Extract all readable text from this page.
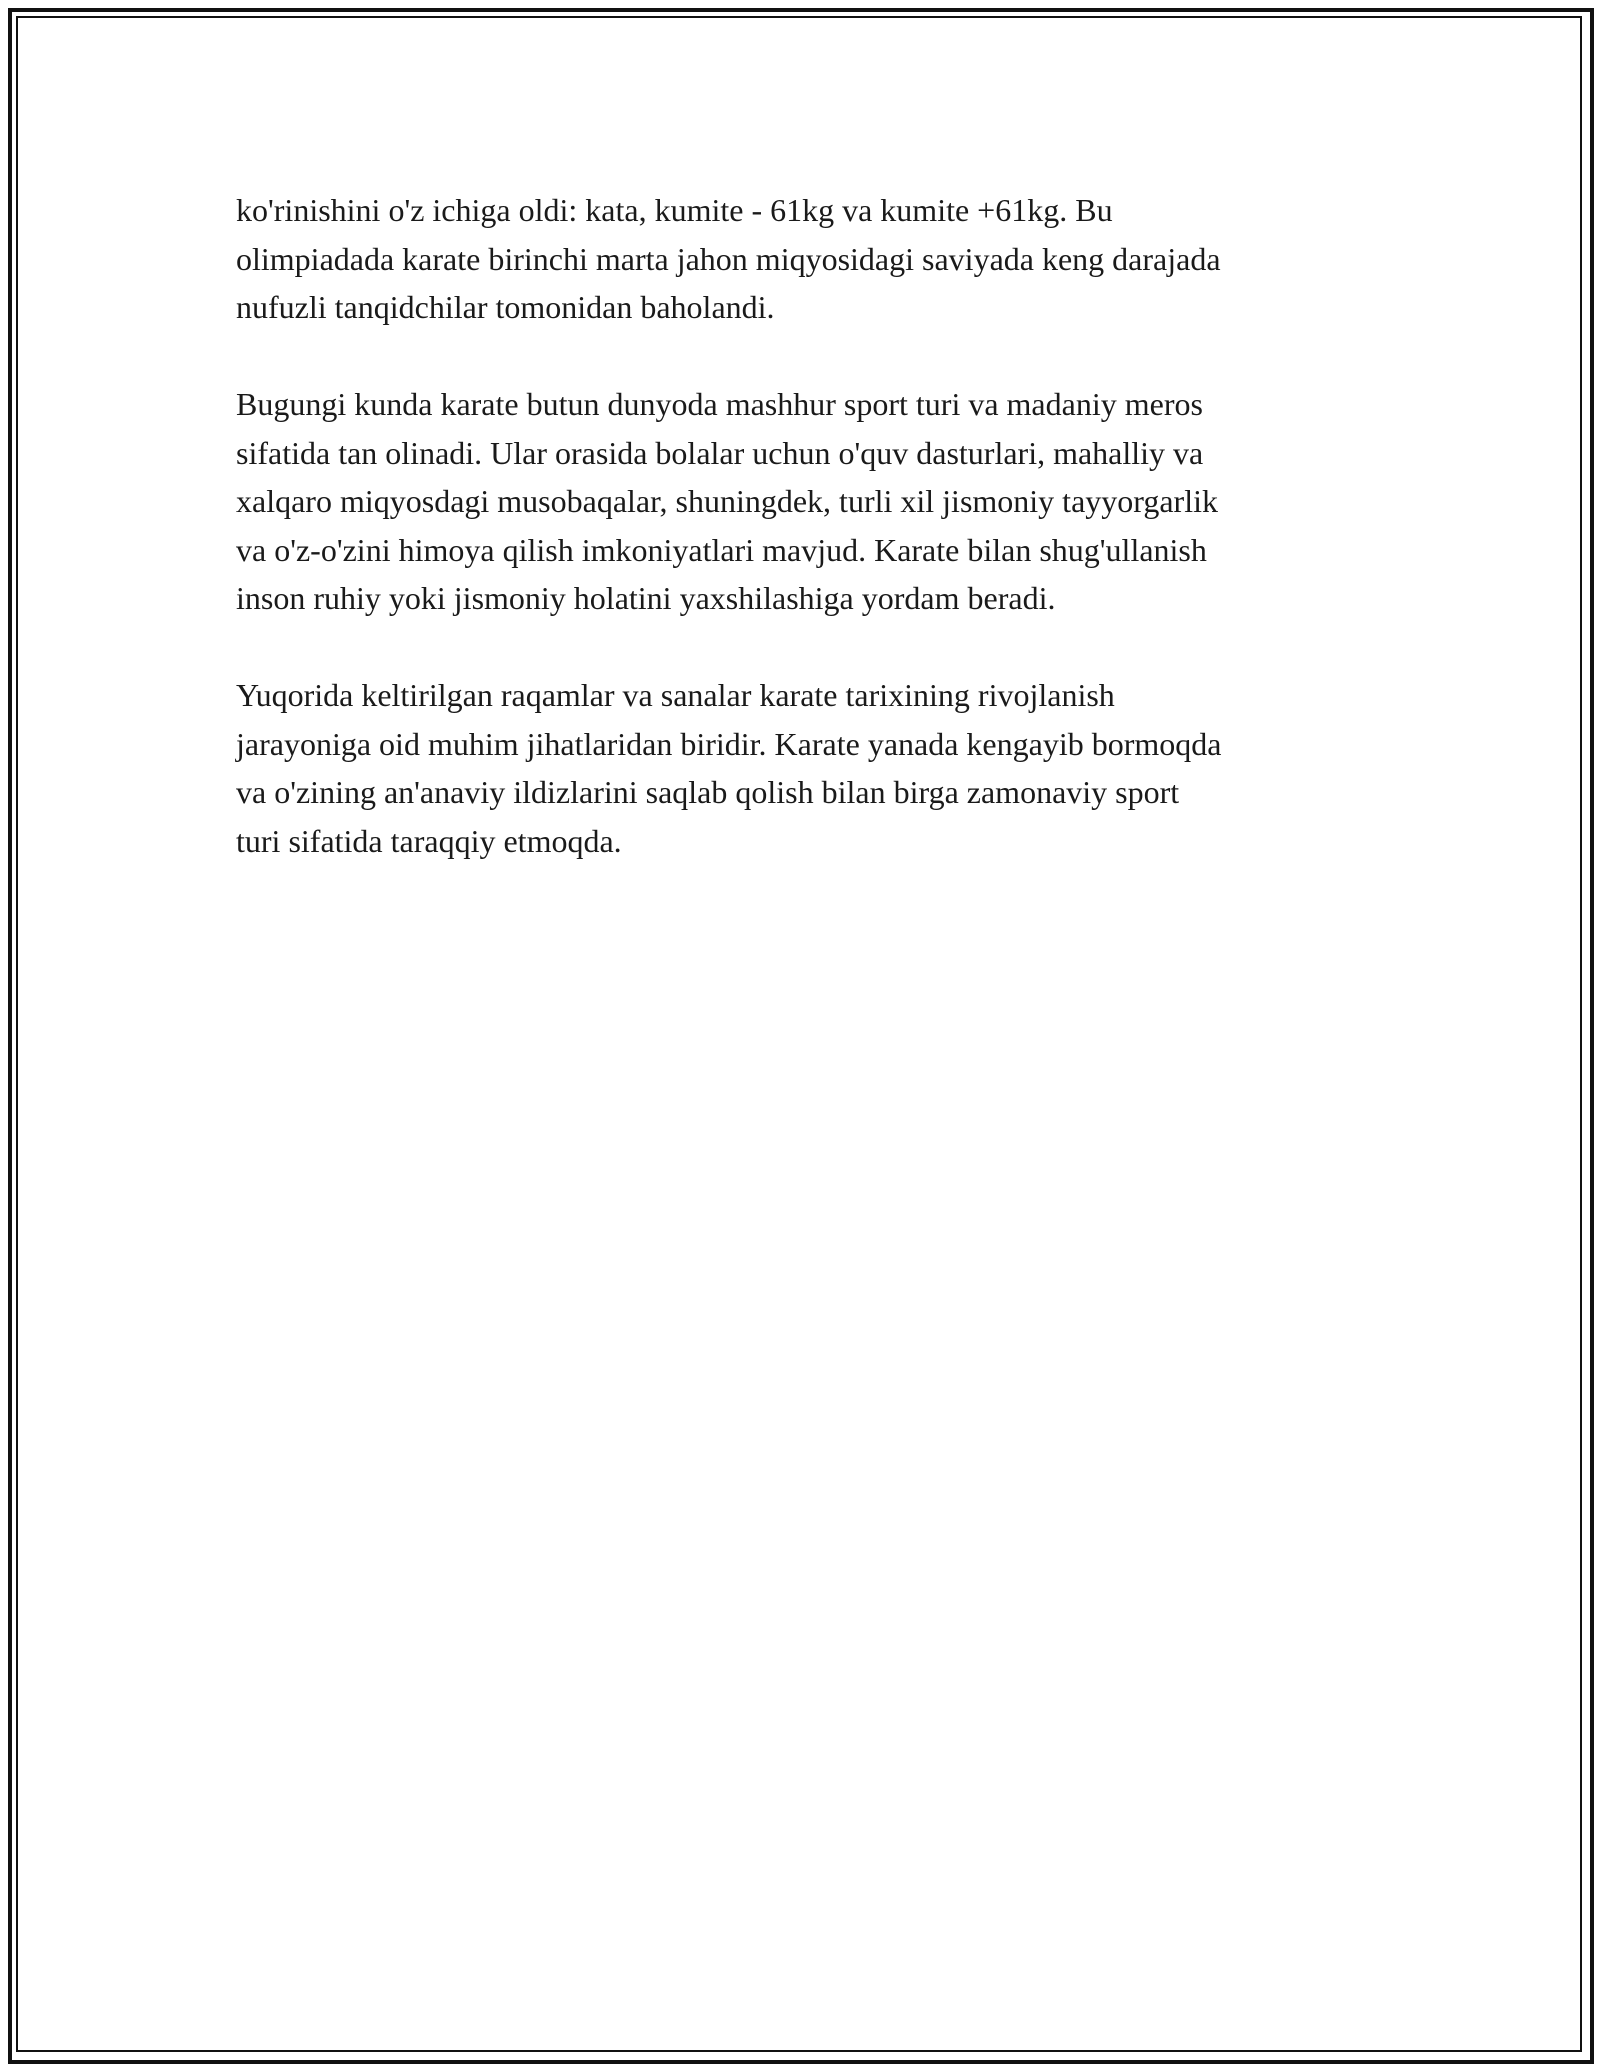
ko'rinishini o'z ichiga oldi: kata, kumite - 61kg va kumite +61kg. Bu
olimpiadada karate birinchi marta jahon miqyosidagi saviyada keng darajada
nufuzli tanqidchilar tomonidan baholandi.

Bugungi kunda karate butun dunyoda mashhur sport turi va madaniy meros
sifatida tan olinadi. Ular orasida bolalar uchun o'quv dasturlari, mahalliy va
xalqaro miqyosdagi musobaqalar, shuningdek, turli xil jismoniy tayyorgarlik
va o'z-o'zini himoya qilish imkoniyatlari mavjud. Karate bilan shug'ullanish
inson ruhiy yoki jismoniy holatini yaxshilashiga yordam beradi.

Yuqorida keltirilgan raqamlar va sanalar karate tarixining rivojlanish
jarayoniga oid muhim jihatlaridan biridir. Karate yanada kengayib bormoqda
va o'zining an'anaviy ildizlarini saqlab qolish bilan birga zamonaviy sport
turi sifatida taraqqiy etmoqda.
